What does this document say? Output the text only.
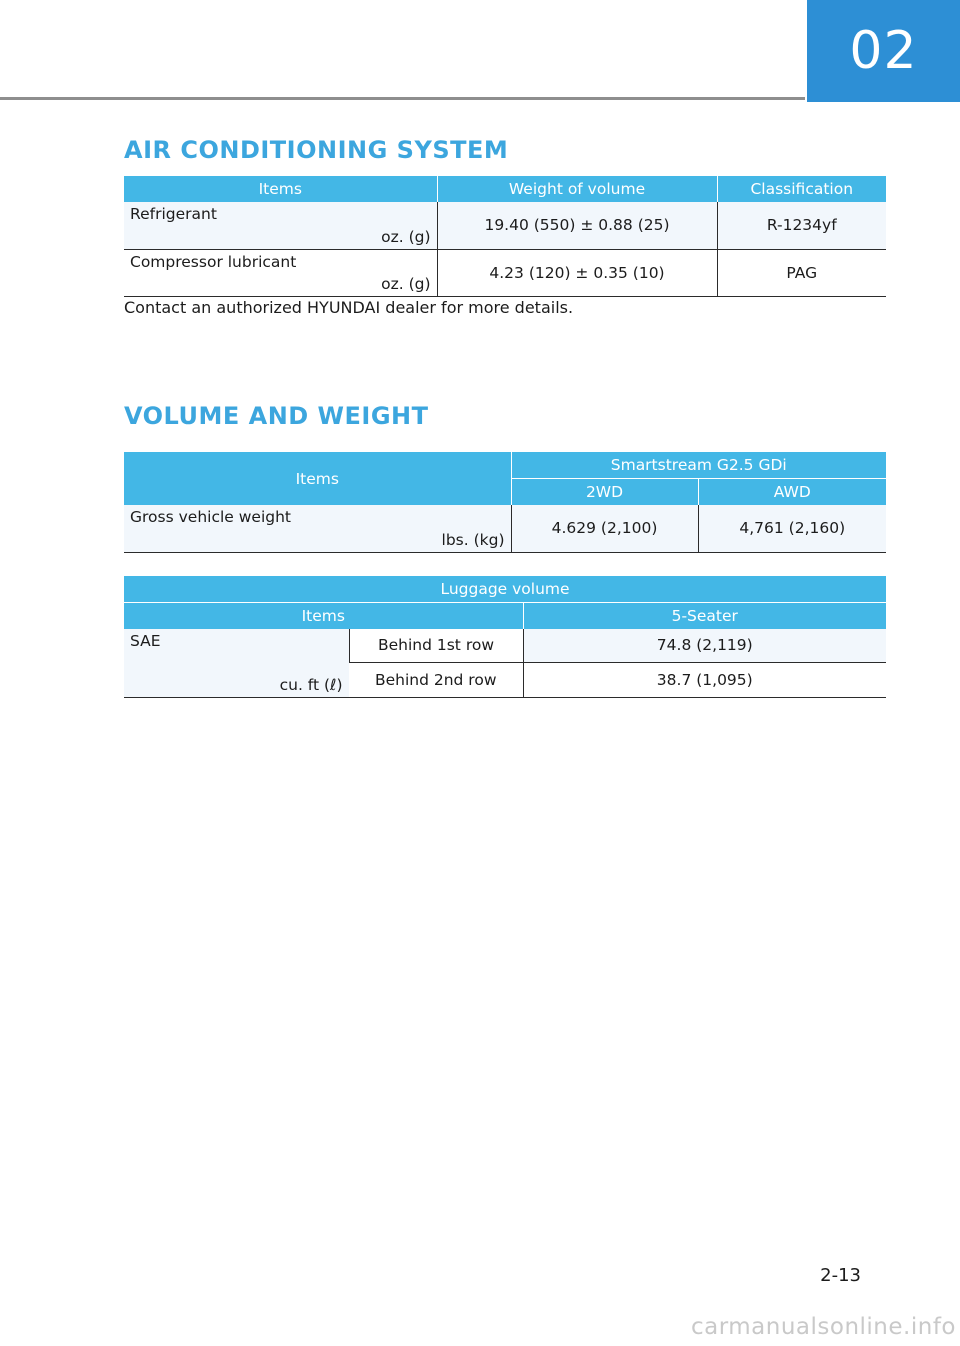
02
AIR CONDITIONING SYSTEM
Items	Weight of volume	Classification

Refrigerant
oz. (g)	19.40 (550) ± 0.88 (25)	R-1234yf

Compressor lubricant
oz. (g)	4.23 (120) ± 0.35 (10)	PAG

Contact an authorized HYUNDAI dealer for more details.

VOLUME AND WEIGHT
Items	Smartstream G2.5 GDi	
	2WD	AWD

Gross vehicle weight
lbs. (kg)	4.629 (2,100)	4,761 (2,160)
Luggage volume		
Items		5-Seater

SAE
cu. ft (ℓ)	Behind 1st row	74.8 (2,119)
	Behind 2nd row	38.7 (1,095)
2-13
carmanualsonline.info
